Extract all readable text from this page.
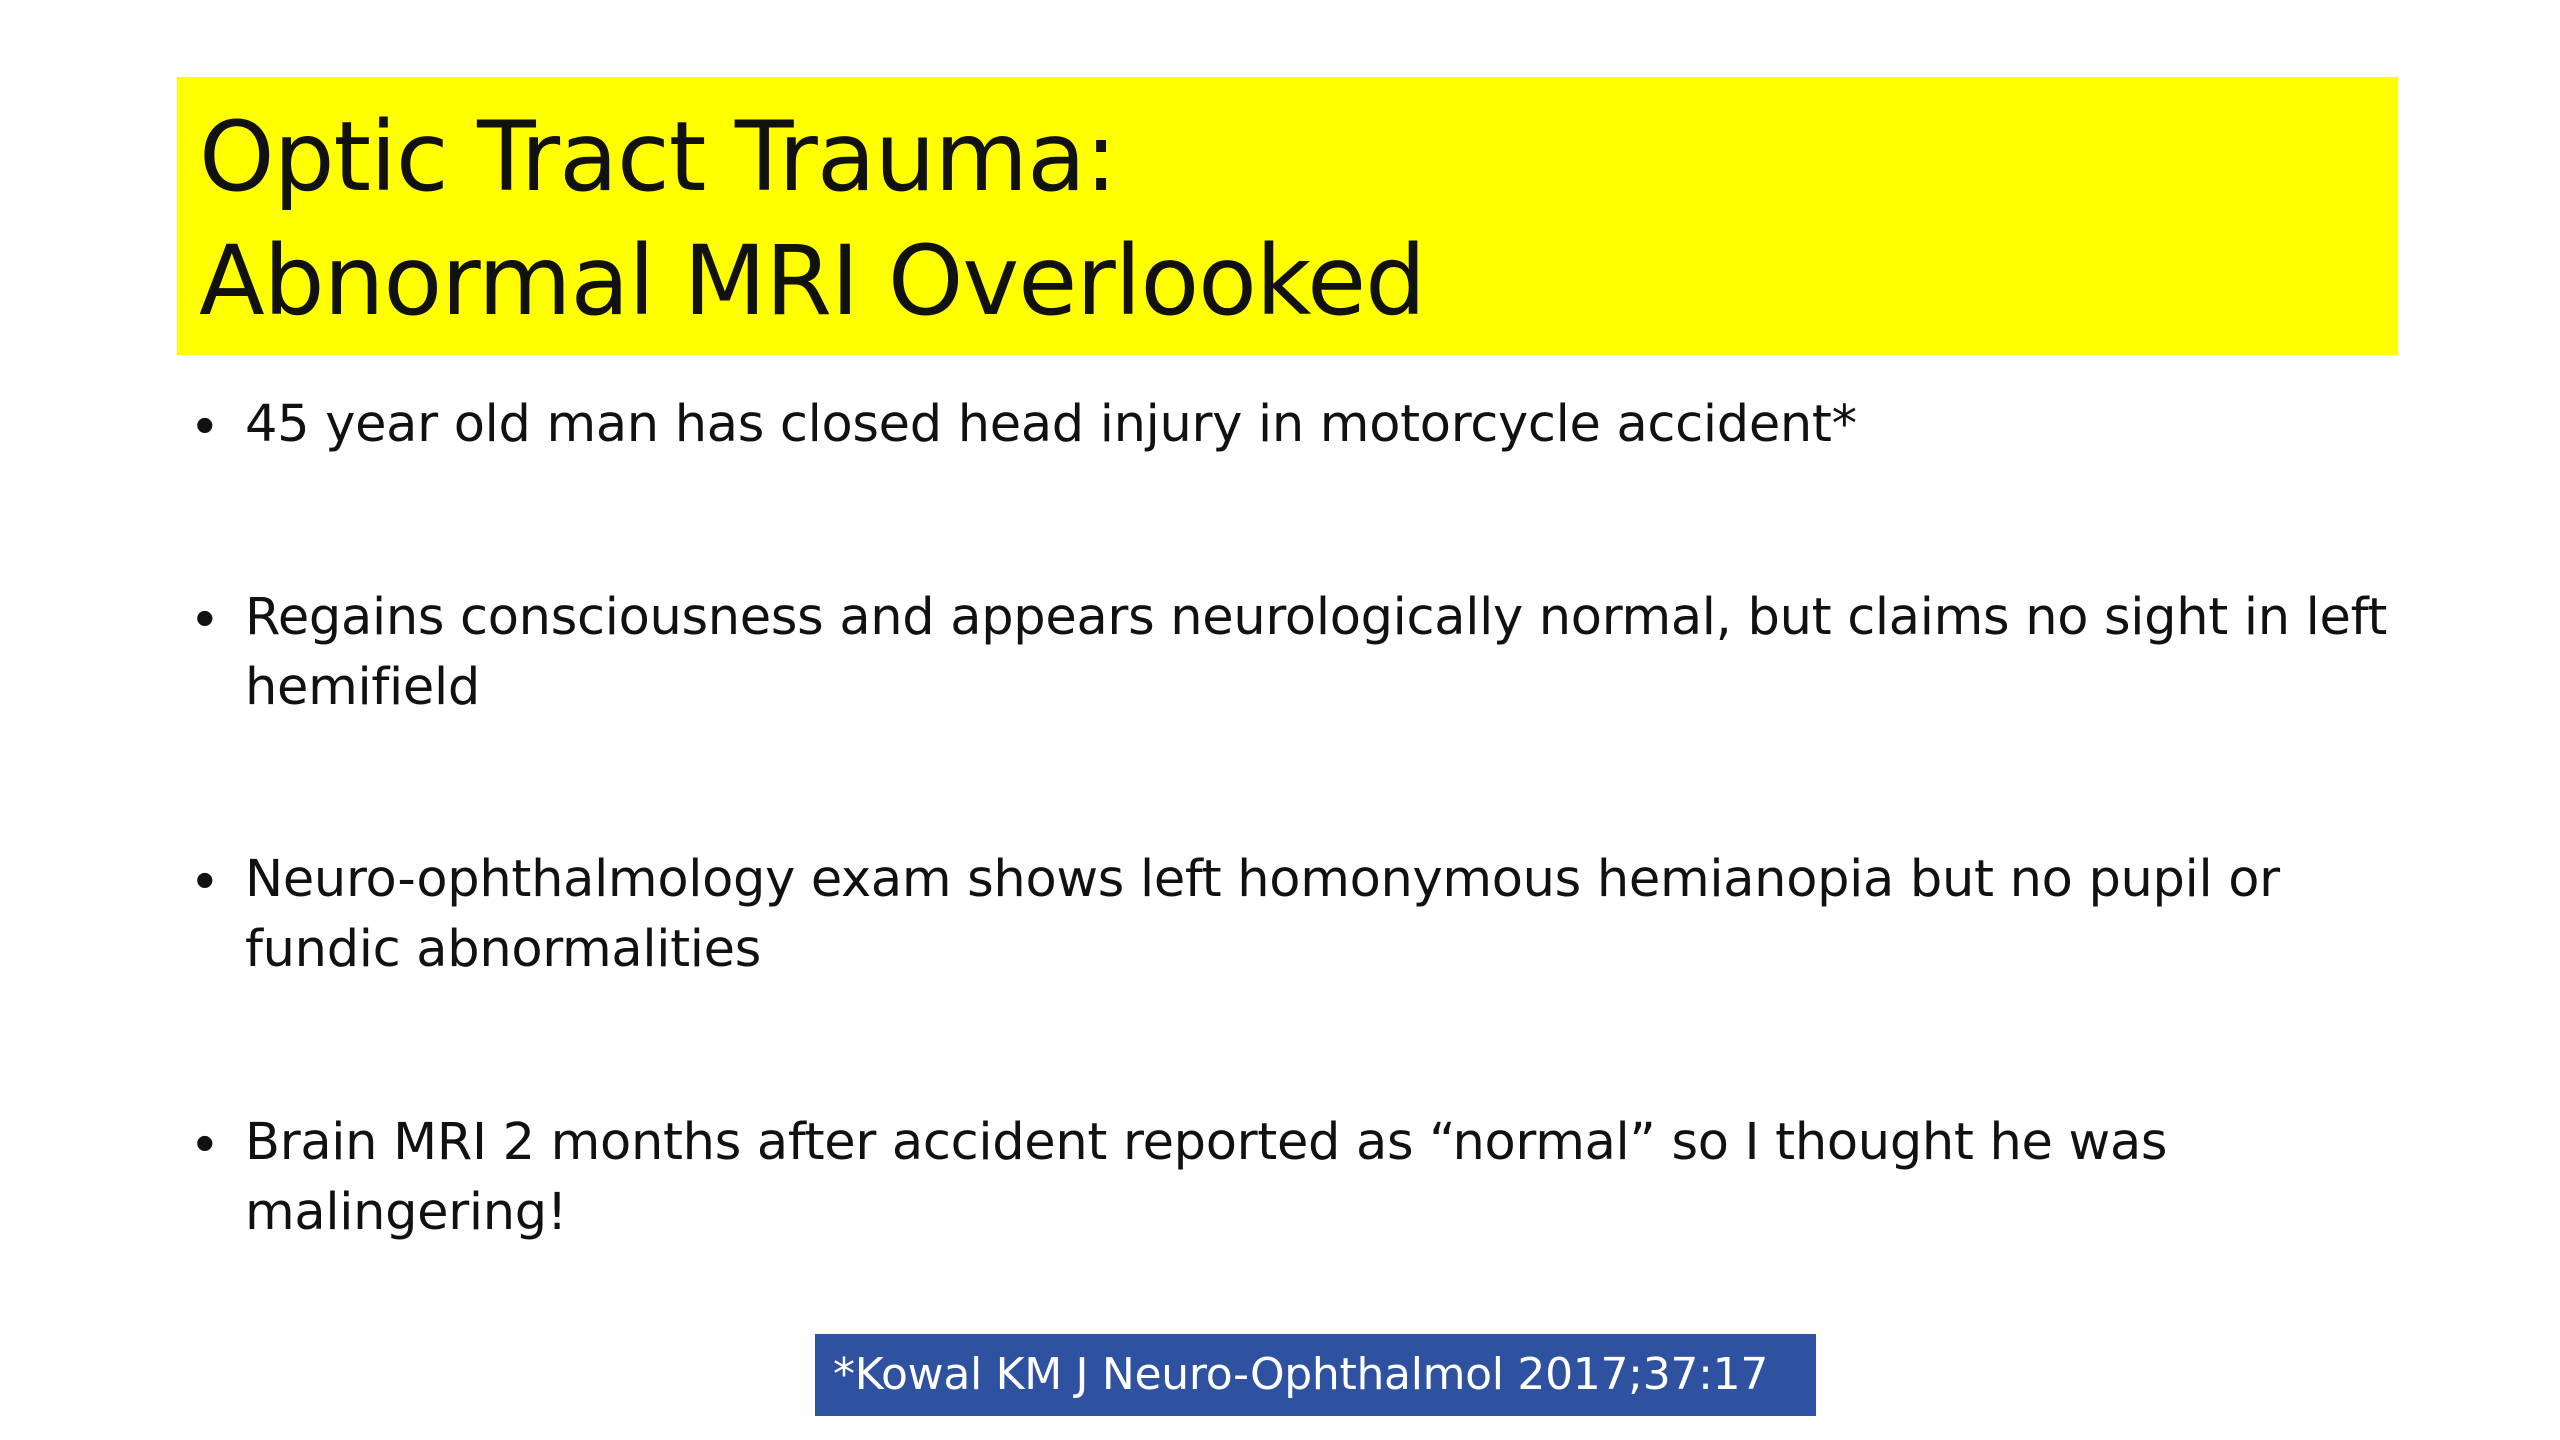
Optic Tract Trauma:
Abnormal MRI Overlooked
• 45 year old man has closed head injury in motorcycle accident*
• Regains consciousness and appears neurologically normal, but claims no sight in left hemifield
• Neuro-ophthalmology exam shows left homonymous hemianopia but no pupil or fundic abnormalities
• Brain MRI 2 months after accident reported as “normal” so I thought he was malingering!
*Kowal KM J Neuro-Ophthalmol 2017;37:17
